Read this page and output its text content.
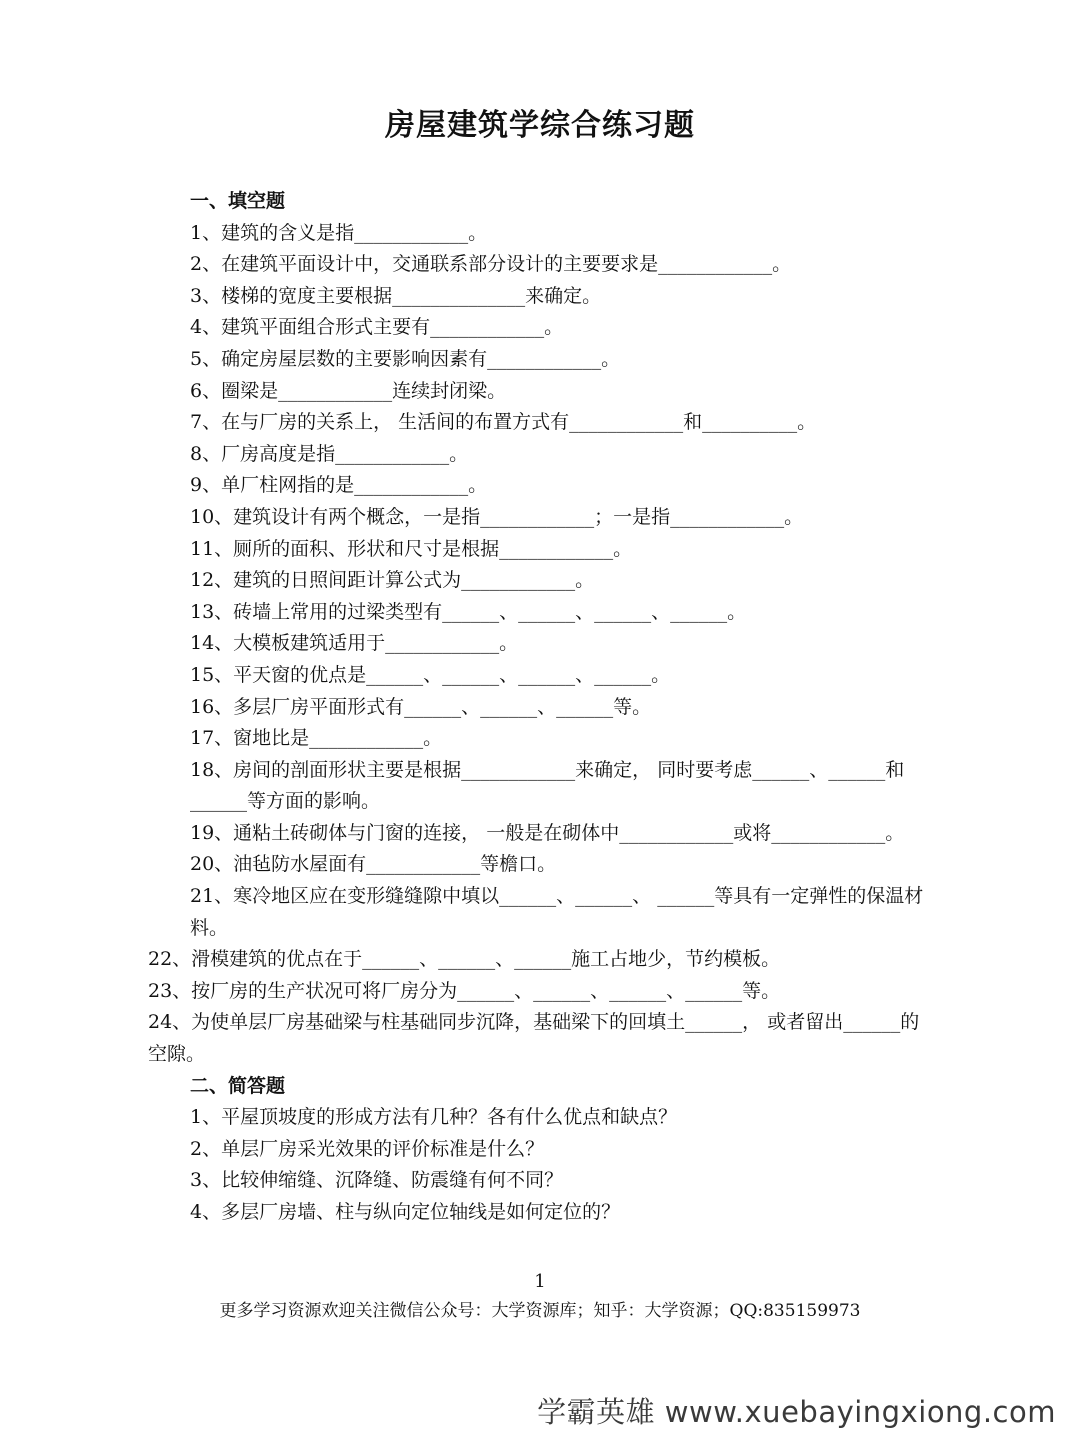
房屋建筑学综合练习题
一、填空题
1、建筑的含义是指____________。
2、在建筑平面设计中，交通联系部分设计的主要要求是____________。
3、楼梯的宽度主要根据______________来确定。
4、建筑平面组合形式主要有____________。
5、确定房屋层数的主要影响因素有____________。
6、圈梁是____________连续封闭梁。
7、在与厂房的关系上， 生活间的布置方式有____________和__________。
8、厂房高度是指____________。
9、单厂柱网指的是____________。
10、建筑设计有两个概念，一是指____________；一是指____________。
11、厕所的面积、形状和尺寸是根据____________。
12、建筑的日照间距计算公式为____________。
13、砖墙上常用的过梁类型有______、______、______、______。
14、大模板建筑适用于____________。
15、平天窗的优点是______、______、______、______。
16、多层厂房平面形式有______、______、______等。
17、窗地比是____________。
18、房间的剖面形状主要是根据____________来确定， 同时要考虑______、______和______等方面的影响。
19、通粘土砖砌体与门窗的连接， 一般是在砌体中____________或将____________。
20、油毡防水屋面有____________等檐口。
21、寒冷地区应在变形缝缝隙中填以______、______、 ______等具有一定弹性的保温材料。
22、滑模建筑的优点在于______、______、______施工占地少，节约模板。
23、按厂房的生产状况可将厂房分为______、______、______、______等。
24、为使单层厂房基础梁与柱基础同步沉降，基础梁下的回填土______， 或者留出______的空隙。
二、简答题
1、平屋顶坡度的形成方法有几种？各有什么优点和缺点？
2、单层厂房采光效果的评价标准是什么？
3、比较伸缩缝、沉降缝、防震缝有何不同？
4、多层厂房墙、柱与纵向定位轴线是如何定位的？
1
更多学习资源欢迎关注微信公众号：大学资源库；知乎：大学资源；QQ:835159973
学霸英雄 www.xuebayingxiong.com
